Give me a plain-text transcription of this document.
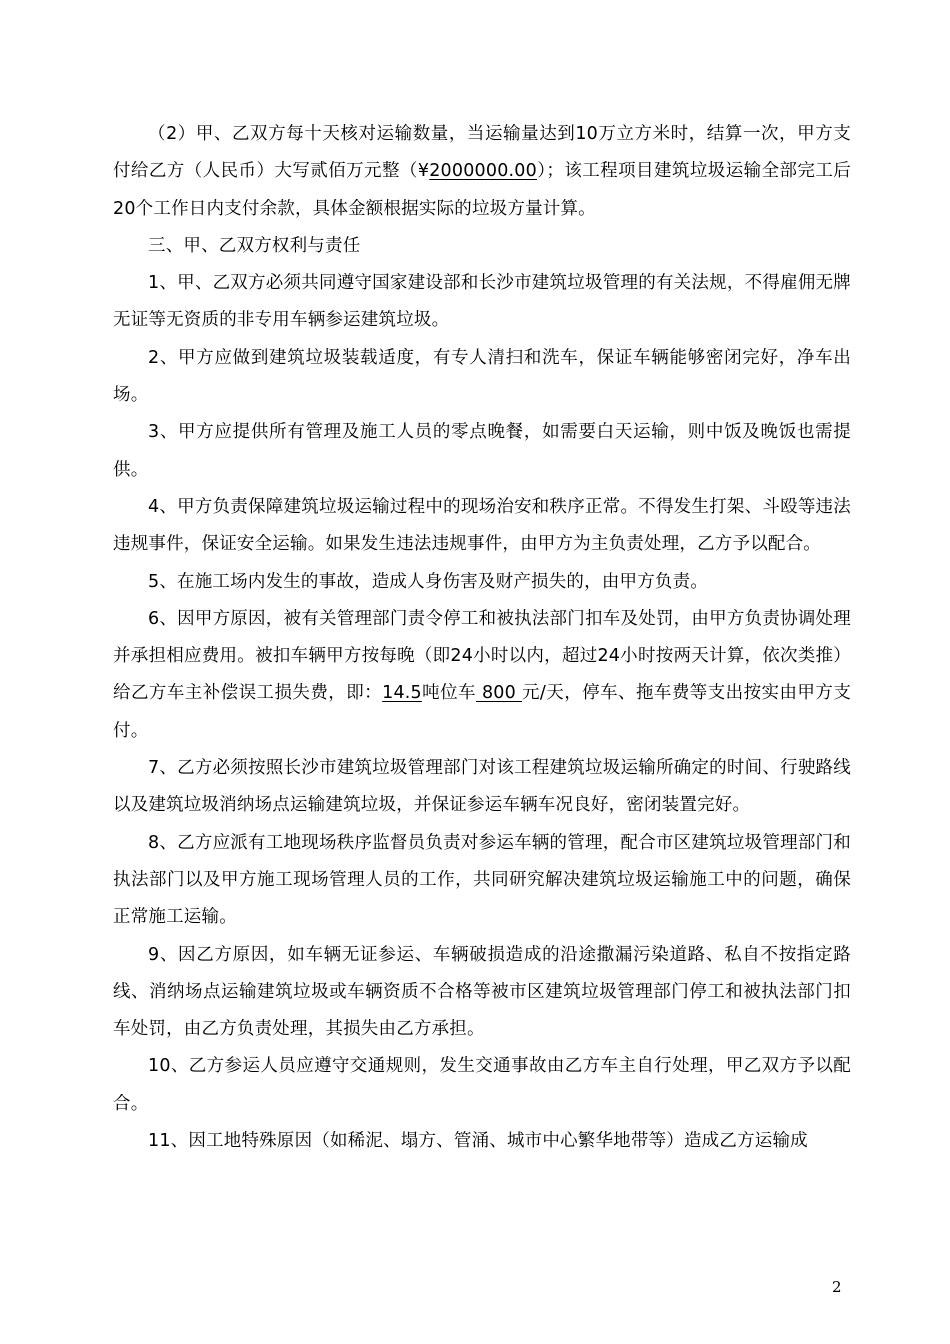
（2）甲、乙双方每十天核对运输数量，当运输量达到10万立方米时，结算一次，甲方支付给乙方（人民币）大写贰佰万元整（¥2000000.00）；该工程项目建筑垃圾运输全部完工后20个工作日内支付余款，具体金额根据实际的垃圾方量计算。

三、甲、乙双方权利与责任

1、甲、乙双方必须共同遵守国家建设部和长沙市建筑垃圾管理的有关法规，不得雇佣无牌无证等无资质的非专用车辆参运建筑垃圾。

2、甲方应做到建筑垃圾装载适度，有专人清扫和洗车，保证车辆能够密闭完好，净车出场。

3、甲方应提供所有管理及施工人员的零点晚餐，如需要白天运输，则中饭及晚饭也需提供。

4、甲方负责保障建筑垃圾运输过程中的现场治安和秩序正常。不得发生打架、斗殴等违法违规事件，保证安全运输。如果发生违法违规事件，由甲方为主负责处理，乙方予以配合。

5、在施工场内发生的事故，造成人身伤害及财产损失的，由甲方负责。

6、因甲方原因，被有关管理部门责令停工和被执法部门扣车及处罚，由甲方负责协调处理并承担相应费用。被扣车辆甲方按每晚（即24小时以内，超过24小时按两天计算，依次类推）给乙方车主补偿误工损失费，即：14.5吨位车 800 元/天，停车、拖车费等支出按实由甲方支付。

7、乙方必须按照长沙市建筑垃圾管理部门对该工程建筑垃圾运输所确定的时间、行驶路线以及建筑垃圾消纳场点运输建筑垃圾，并保证参运车辆车况良好，密闭装置完好。

8、乙方应派有工地现场秩序监督员负责对参运车辆的管理，配合市区建筑垃圾管理部门和执法部门以及甲方施工现场管理人员的工作，共同研究解决建筑垃圾运输施工中的问题，确保正常施工运输。

9、因乙方原因，如车辆无证参运、车辆破损造成的沿途撒漏污染道路、私自不按指定路线、消纳场点运输建筑垃圾或车辆资质不合格等被市区建筑垃圾管理部门停工和被执法部门扣车处罚，由乙方负责处理，其损失由乙方承担。

10、乙方参运人员应遵守交通规则，发生交通事故由乙方车主自行处理，甲乙双方予以配合。

11、因工地特殊原因（如稀泥、塌方、管涌、城市中心繁华地带等）造成乙方运输成

2
